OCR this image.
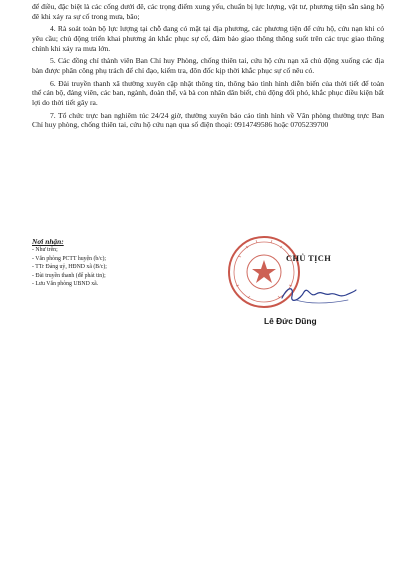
để điều, đặc biệt là các cống dưới đê, các trọng điểm xung yếu, chuẩn bị lực lượng, vật tư, phương tiện sẵn sàng hộ đê khi xảy ra sự cố trong mưa, bão;

4. Rà soát toàn bộ lực lượng tại chỗ đang có mặt tại địa phương, các phương tiện để cứu hộ, cứu nạn khi có yêu cầu; chủ động triển khai phương án khắc phục sự cố, đảm bảo giao thông thông suốt trên các trục giao thông chính khi xảy ra mưa lớn.

5. Các đồng chí thành viên Ban Chỉ huy Phòng, chống thiên tai, cứu hộ cứu nạn xã chủ động xuống các địa bàn được phân công phụ trách để chỉ đạo, kiểm tra, đôn đốc kịp thời khắc phục sự cố nêu có.

6. Đài truyền thanh xã thường xuyên cập nhật thông tin, thông báo tình hình diễn biến của thời tiết để toàn thể cán bộ, đảng viên, các ban, ngành, đoàn thể, và bà con nhân dân biết, chủ động đối phó, khắc phục điều kiện bất lợi do thời tiết gây ra.

7. Tổ chức trực ban nghiêm túc 24/24 giờ, thường xuyên báo cáo tình hình về Văn phòng thường trực Ban Chỉ huy phòng, chống thiên tai, cứu hộ cứu nạn qua số điện thoại: 0914749586 hoặc 0705239700

Nơi nhận:
- Như trên;
- Văn phòng PCTT huyện (b/c);
- TTr Đảng uỷ, HĐND xã (B/c);
- Đài truyền thanh (để phát tin);
- Lưu Văn phòng UBND xã.
CHỦ TỊCH
Lê Đức Dũng
